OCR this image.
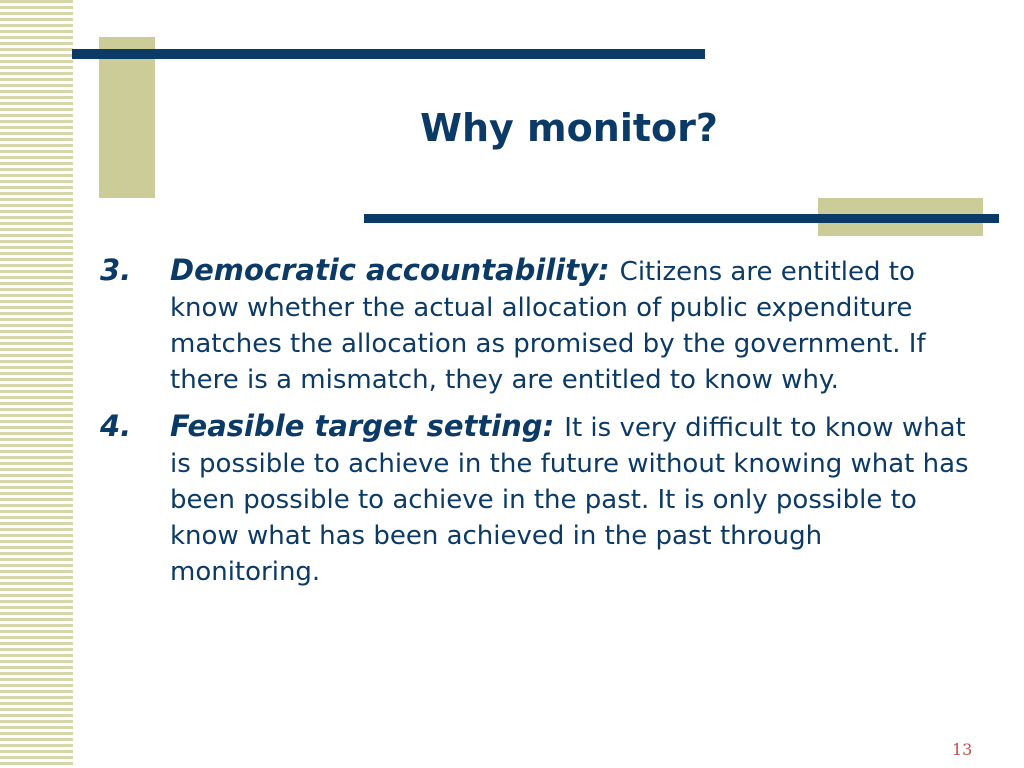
Why monitor?
3. Democratic accountability: Citizens are entitled to know whether the actual allocation of public expenditure matches the allocation as promised by the government. If there is a mismatch, they are entitled to know why.
4. Feasible target setting: It is very difficult to know what is possible to achieve in the future without knowing what has been possible to achieve in the past. It is only possible to know what has been achieved in the past through monitoring.
13
